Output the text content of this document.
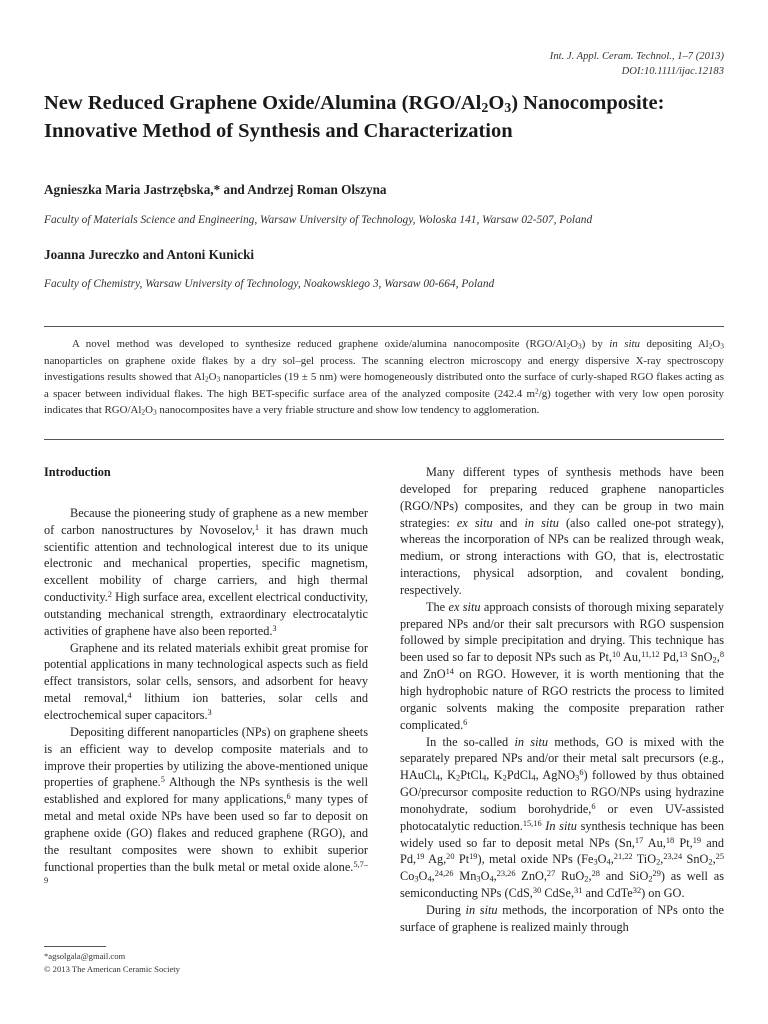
Int. J. Appl. Ceram. Technol., 1–7 (2013)
DOI:10.1111/ijac.12183
New Reduced Graphene Oxide/Alumina $(RGO/Al_2O_3)$ Nanocomposite: Innovative Method of Synthesis and Characterization
Agnieszka Maria Jastrzębska,* and Andrzej Roman Olszyna
Faculty of Materials Science and Engineering, Warsaw University of Technology, Woloska 141, Warsaw 02-507, Poland
Joanna Jureczko and Antoni Kunicki
Faculty of Chemistry, Warsaw University of Technology, Noakowskiego 3, Warsaw 00-664, Poland
A novel method was developed to synthesize reduced graphene oxide/alumina nanocomposite $(RGO/Al_2O_3)$ by in situ depositing $Al_2O_3$ nanoparticles on graphene oxide flakes by a dry sol–gel process. The scanning electron microscopy and energy dispersive X-ray spectroscopy investigations results showed that $Al_2O_3$ nanoparticles (19 ± 5 nm) were homogeneously distributed onto the surface of curly-shaped RGO flakes acting as a spacer between individual flakes. The high BET-specific surface area of the analyzed composite (242.4 $m^2/g$) together with very low open porosity indicates that RGO/$Al_2O_3$ nanocomposites have a very friable structure and show low tendency to agglomeration.
Introduction

Because the pioneering study of graphene as a new member of carbon nanostructures by Novoselov,$^1$ it has drawn much scientific attention and technological interest due to its unique electronic and mechanical properties, specific magnetism, excellent mobility of charge carriers, and high thermal conductivity.$^2$ High surface area, excellent electrical conductivity, outstanding mechanical strength, extraordinary electrocatalytic activities of graphene have also been reported.$^3$

Graphene and its related materials exhibit great promise for potential applications in many technological aspects such as field effect transistors, solar cells, sensors, and adsorbent for heavy metal removal,$^4$ lithium ion batteries, solar cells and electrochemical super capacitors.$^3$

Depositing different nanoparticles (NPs) on graphene sheets is an efficient way to develop composite materials and to improve their properties by utilizing the above-mentioned unique properties of graphene.$^5$ Although the NPs synthesis is the well established and explored for many applications,$^6$ many types of metal and metal oxide NPs have been used so far to deposit on graphene oxide (GO) flakes and reduced graphene (RGO), and the resultant composites were shown to exhibit superior functional properties than the bulk metal or metal oxide alone.$^{5,7-9}$

Many different types of synthesis methods have been developed for preparing reduced graphene nanoparticles (RGO/NPs) composites, and they can be group in two main strategies: ex situ and in situ (also called one-pot strategy), whereas the incorporation of NPs can be realized through weak, medium, or strong interactions with GO, that is, electrostatic interactions, physical adsorption, and covalent bonding, respectively.

The ex situ approach consists of thorough mixing separately prepared NPs and/or their salt precursors with RGO suspension followed by simple precipitation and drying. This technique has been used so far to deposit NPs such as Pt,$^{10}$ Au,$^{11,12}$ Pd,$^{13}$ SnO$_2$,$^8$ and ZnO$^{14}$ on RGO. However, it is worth mentioning that the high hydrophobic nature of RGO restricts the process to limited organic solvents making the composite preparation rather complicated.$^6$

In the so-called in situ methods, GO is mixed with the separately prepared NPs and/or their metal salt precursors (e.g., HAuCl$_4$, $K_2PtCl_4$, $K_2PdCl_4$, AgNO$_3^6$) followed by thus obtained GO/precursor composite reduction to RGO/NPs using hydrazine monohydrate, sodium borohydride,$^6$ or even UV-assisted photocatalytic reduction.$^{15,16}$ In situ synthesis technique has been widely used so far to deposit metal NPs (Sn,$^{17}$ Au,$^{18}$ Pt,$^{19}$ and Pd,$^{19}$ Ag,$^{20}$ Pt$^{19}$), metal oxide NPs ($Fe_3O_4,^{21,22}$ TiO$_2$,$^{23,24}$ SnO$_2$,$^{25}$ $Co_3O_4,^{24,26}$ $Mn_3O_4,^{23,26}$ ZnO,$^{27}$ RuO$_2$,$^{28}$ and SiO$_2^{29}$) as well as semiconducting NPs (CdS,$^{30}$ CdSe,$^{31}$ and CdTe$^{32}$) on GO.

During in situ methods, the incorporation of NPs onto the surface of graphene is realized mainly through

*agsolgala@gmail.com
© 2013 The American Ceramic Society
